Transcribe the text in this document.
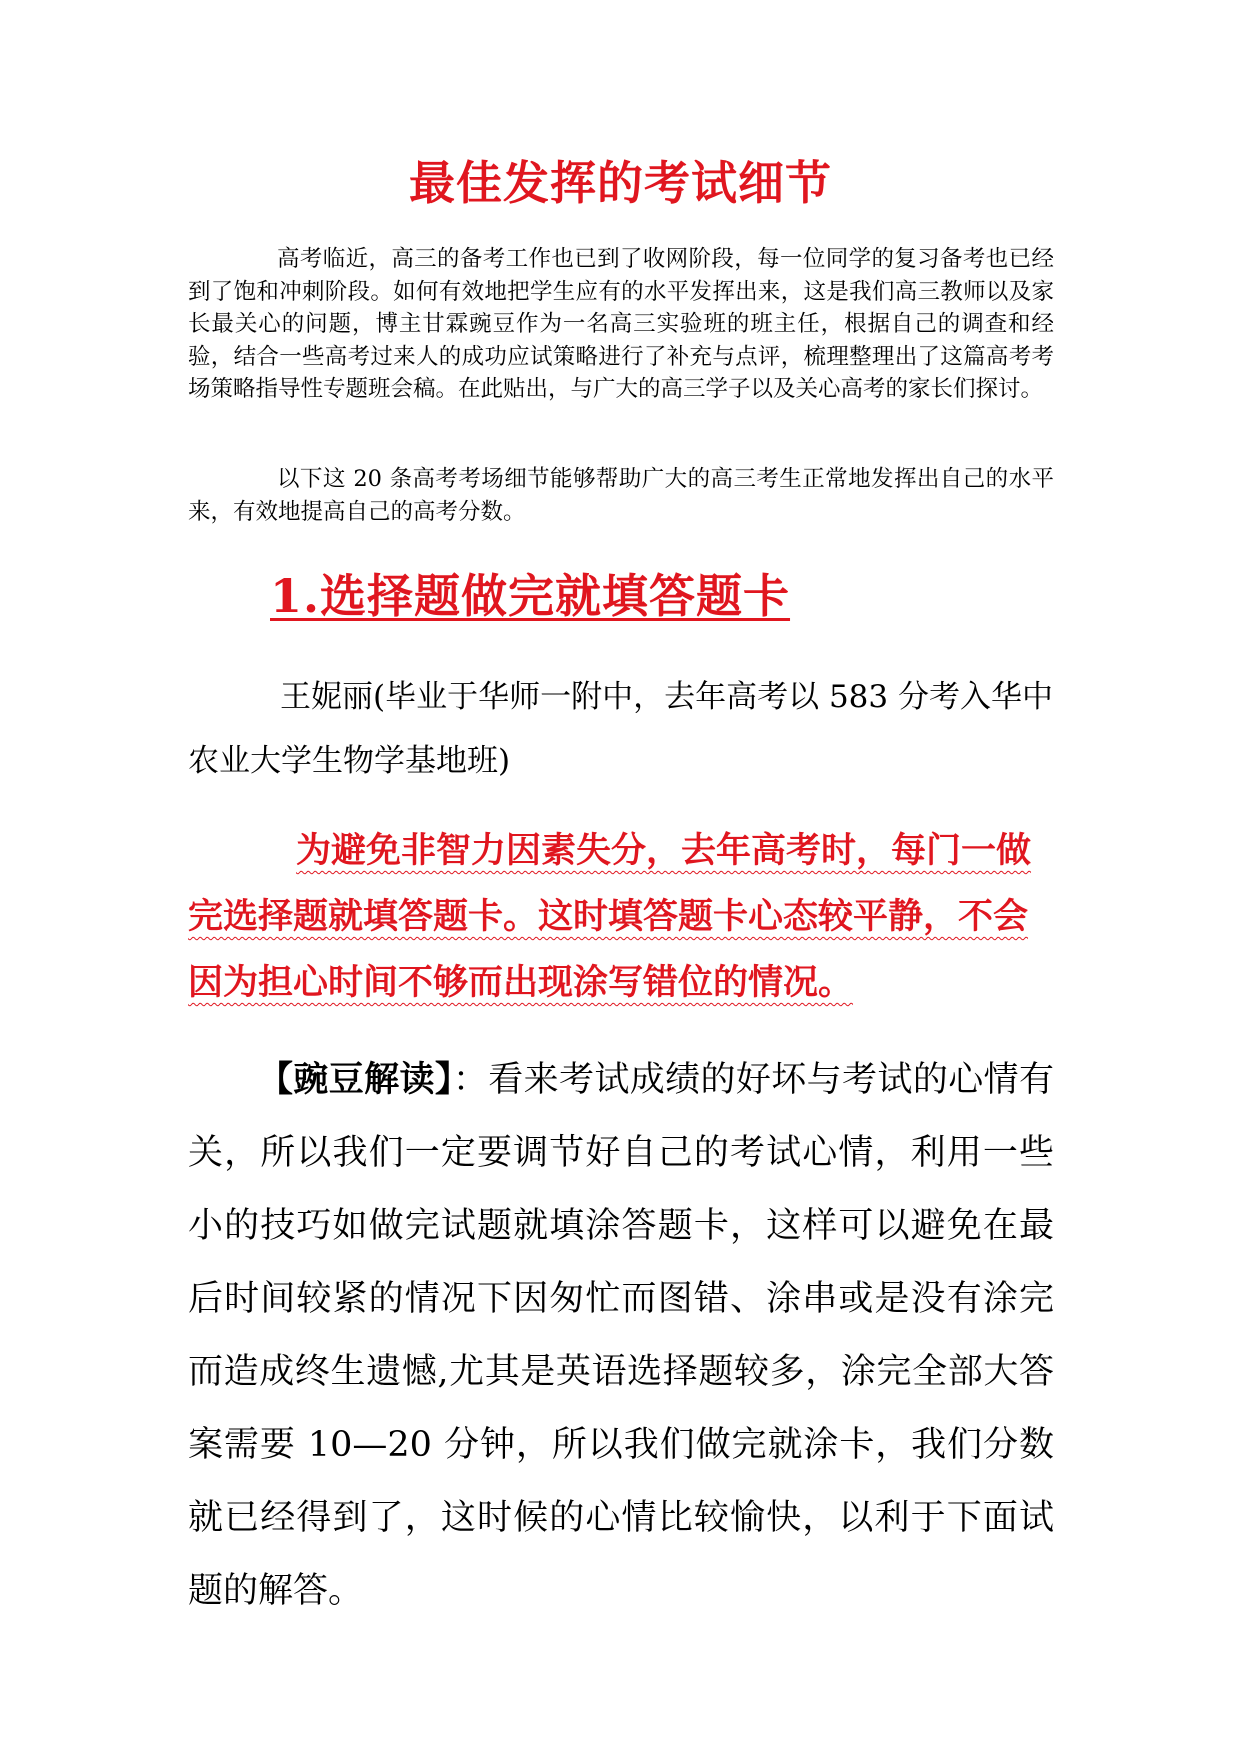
最佳发挥的考试细节

高考临近，高三的备考工作也已到了收网阶段，每一位同学的复习备考也已经到了饱和冲刺阶段。如何有效地把学生应有的水平发挥出来，这是我们高三教师以及家长最关心的问题，博主甘霖豌豆作为一名高三实验班的班主任，根据自己的调查和经验，结合一些高考过来人的成功应试策略进行了补充与点评，梳理整理出了这篇高考考场策略指导性专题班会稿。在此贴出，与广大的高三学子以及关心高考的家长们探讨。

以下这 20 条高考考场细节能够帮助广大的高三考生正常地发挥出自己的水平来，有效地提高自己的高考分数。

1.选择题做完就填答题卡

王妮丽(毕业于华师一附中，去年高考以 583 分考入华中农业大学生物学基地班)

为避免非智力因素失分，去年高考时，每门一做完选择题就填答题卡。这时填答题卡心态较平静，不会因为担心时间不够而出现涂写错位的情况。

【豌豆解读】：看来考试成绩的好坏与考试的心情有关，所以我们一定要调节好自己的考试心情，利用一些小的技巧如做完试题就填涂答题卡，这样可以避免在最后时间较紧的情况下因匆忙而图错、涂串或是没有涂完而造成终生遗憾,尤其是英语选择题较多，涂完全部大答案需要 10—20 分钟，所以我们做完就涂卡，我们分数就已经得到了，这时候的心情比较愉快，以利于下面试题的解答。
